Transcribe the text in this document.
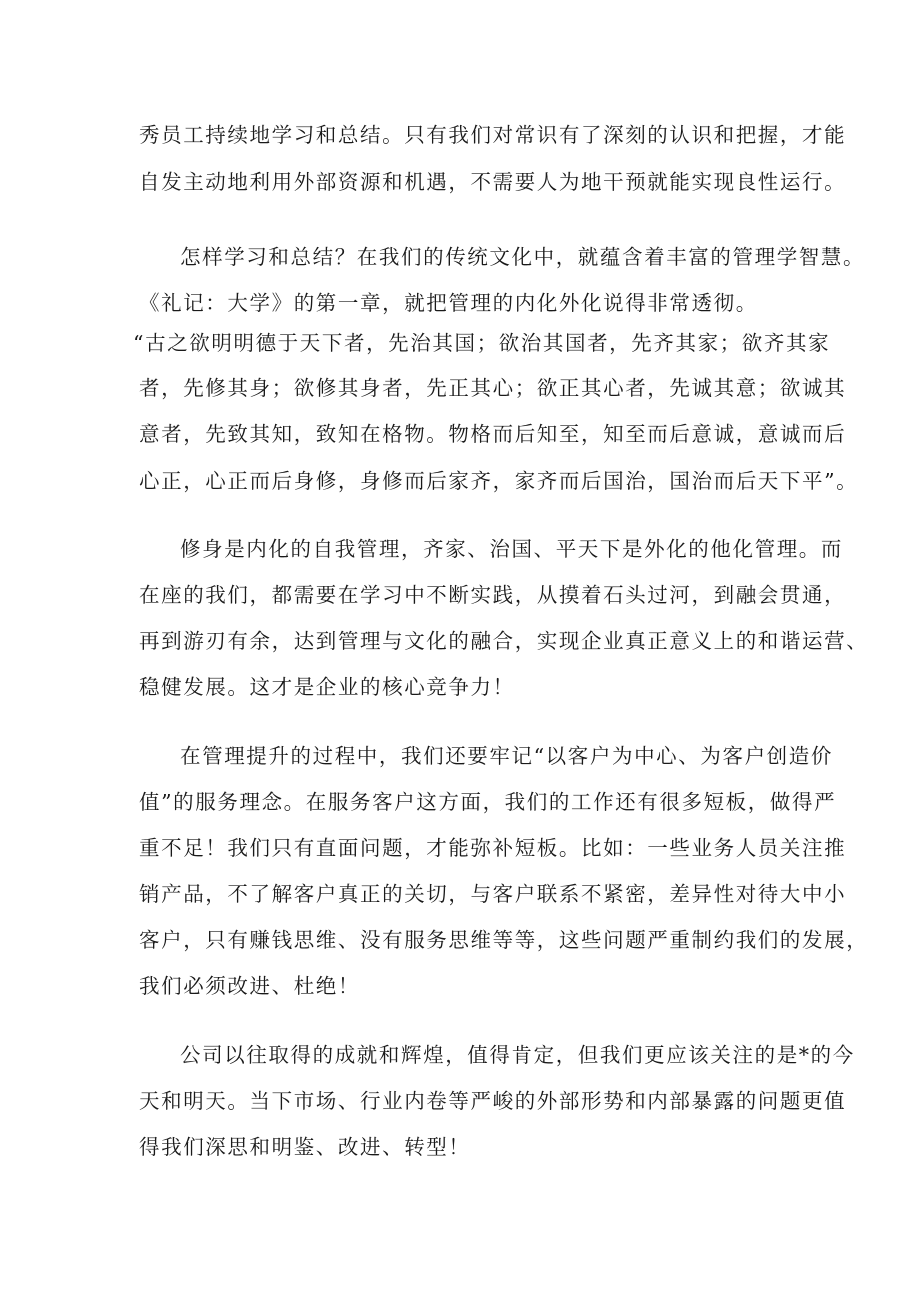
秀员工持续地学习和总结。只有我们对常识有了深刻的认识和把握，才能
自发主动地利用外部资源和机遇，不需要人为地干预就能实现良性运行。
怎样学习和总结？在我们的传统文化中，就蕴含着丰富的管理学智慧。
《礼记：大学》的第一章，就把管理的内化外化说得非常透彻。
“古之欲明明德于天下者，先治其国；欲治其国者，先齐其家；欲齐其家
者，先修其身；欲修其身者，先正其心；欲正其心者，先诚其意；欲诚其
意者，先致其知，致知在格物。物格而后知至，知至而后意诚，意诚而后
心正，心正而后身修，身修而后家齐，家齐而后国治，国治而后天下平”。
修身是内化的自我管理，齐家、治国、平天下是外化的他化管理。而
在座的我们，都需要在学习中不断实践，从摸着石头过河，到融会贯通，
再到游刃有余，达到管理与文化的融合，实现企业真正意义上的和谐运营、
稳健发展。这才是企业的核心竞争力！
在管理提升的过程中，我们还要牢记“以客户为中心、为客户创造价
值”的服务理念。在服务客户这方面，我们的工作还有很多短板，做得严
重不足！我们只有直面问题，才能弥补短板。比如：一些业务人员关注推
销产品，不了解客户真正的关切，与客户联系不紧密，差异性对待大中小
客户，只有赚钱思维、没有服务思维等等，这些问题严重制约我们的发展，
我们必须改进、杜绝！
公司以往取得的成就和辉煌，值得肯定，但我们更应该关注的是*的今
天和明天。当下市场、行业内卷等严峻的外部形势和内部暴露的问题更值
得我们深思和明鉴、改进、转型！
